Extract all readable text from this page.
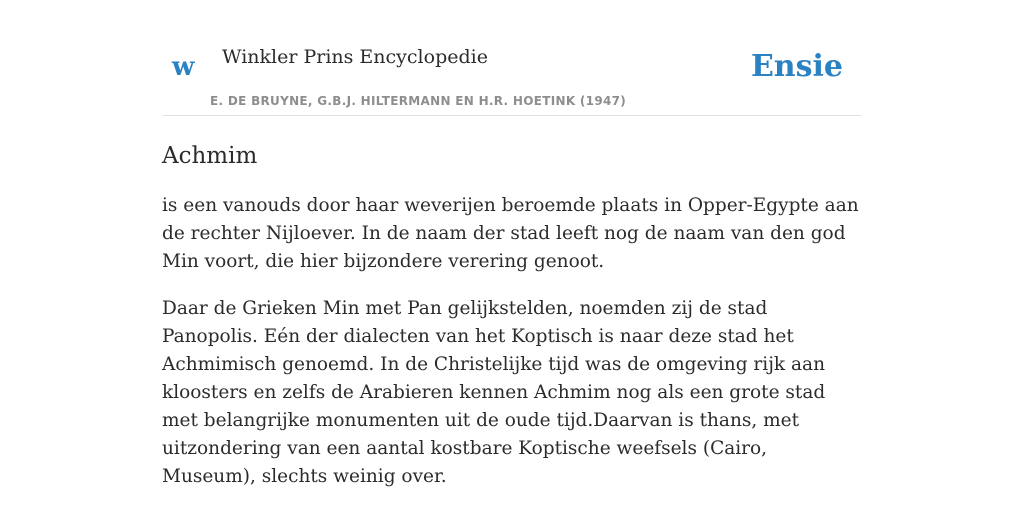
w Winkler Prins Encyclopedie
E. DE BRUYNE, G.B.J. HILTERMANN EN H.R. HOETINK (1947)
Ensie
Achmim

is een vanouds door haar weverijen beroemde plaats in Opper-Egypte aan de rechter Nijloever. In de naam der stad leeft nog de naam van den god Min voort, die hier bijzondere verering genoot.

Daar de Grieken Min met Pan gelijkstelden, noemden zij de stad Panopolis. Eén der dialecten van het Koptisch is naar deze stad het Achmimisch genoemd. In de Christelijke tijd was de omgeving rijk aan kloosters en zelfs de Arabieren kennen Achmim nog als een grote stad met belangrijke monumenten uit de oude tijd.Daarvan is thans, met uitzondering van een aantal kostbare Koptische weefsels (Cairo, Museum), slechts weinig over.
